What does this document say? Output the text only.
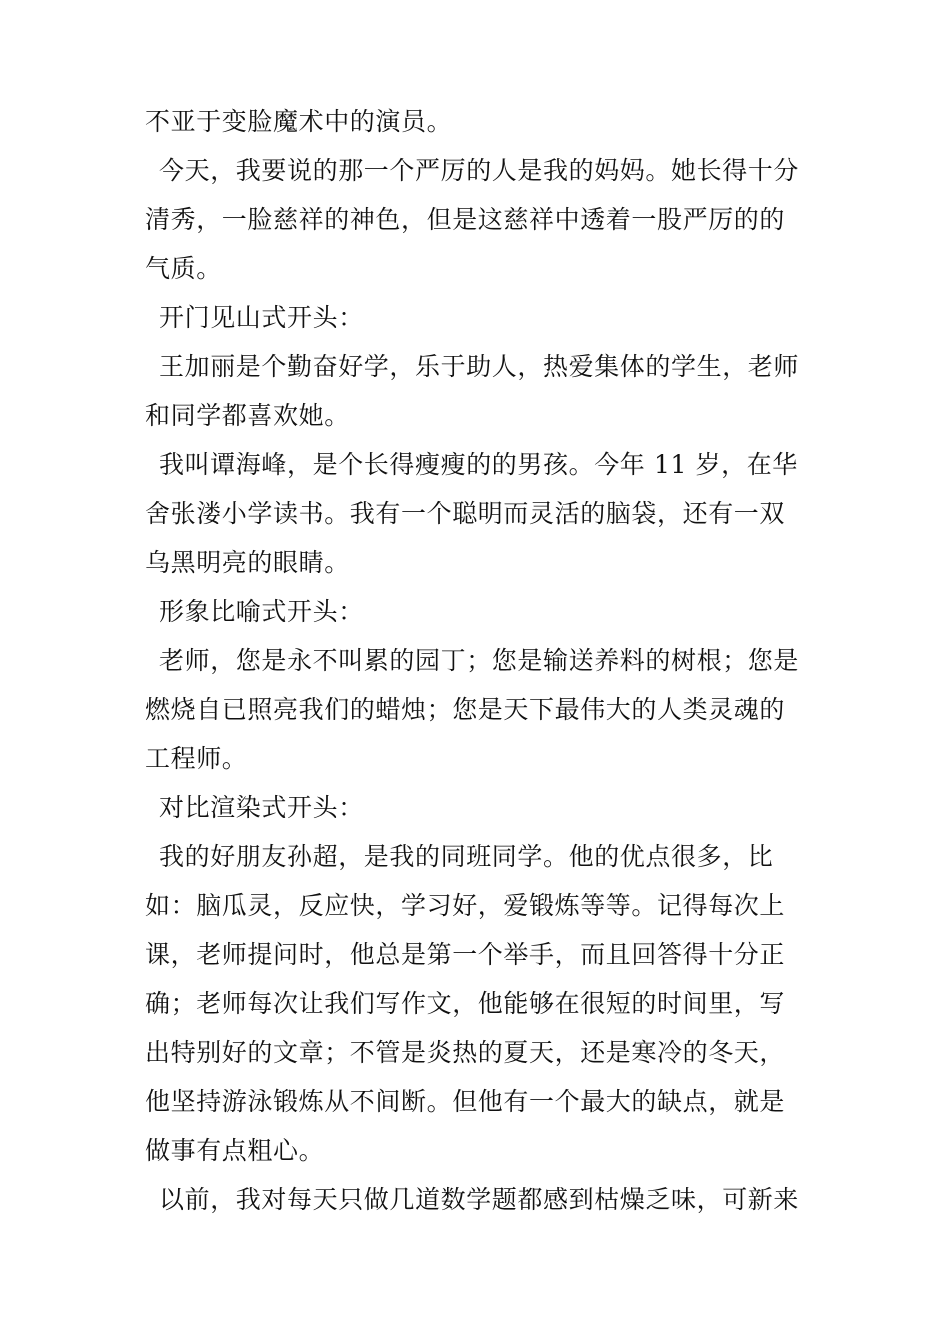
不亚于变脸魔术中的演员。

今天，我要说的那一个严厉的人是我的妈妈。她长得十分清秀，一脸慈祥的神色，但是这慈祥中透着一股严厉的的气质。

开门见山式开头：

王加丽是个勤奋好学，乐于助人，热爱集体的学生，老师和同学都喜欢她。

我叫谭海峰，是个长得瘦瘦的的男孩。今年 11 岁，在华舍张溇小学读书。我有一个聪明而灵活的脑袋，还有一双乌黑明亮的眼睛。

形象比喻式开头：

老师，您是永不叫累的园丁；您是输送养料的树根；您是燃烧自已照亮我们的蜡烛；您是天下最伟大的人类灵魂的工程师。

对比渲染式开头：

我的好朋友孙超，是我的同班同学。他的优点很多，比如：脑瓜灵，反应快，学习好，爱锻炼等等。记得每次上课，老师提问时，他总是第一个举手，而且回答得十分正确；老师每次让我们写作文，他能够在很短的时间里，写出特别好的文章；不管是炎热的夏天，还是寒冷的冬天，他坚持游泳锻炼从不间断。但他有一个最大的缺点，就是做事有点粗心。

以前，我对每天只做几道数学题都感到枯燥乏味，可新来
